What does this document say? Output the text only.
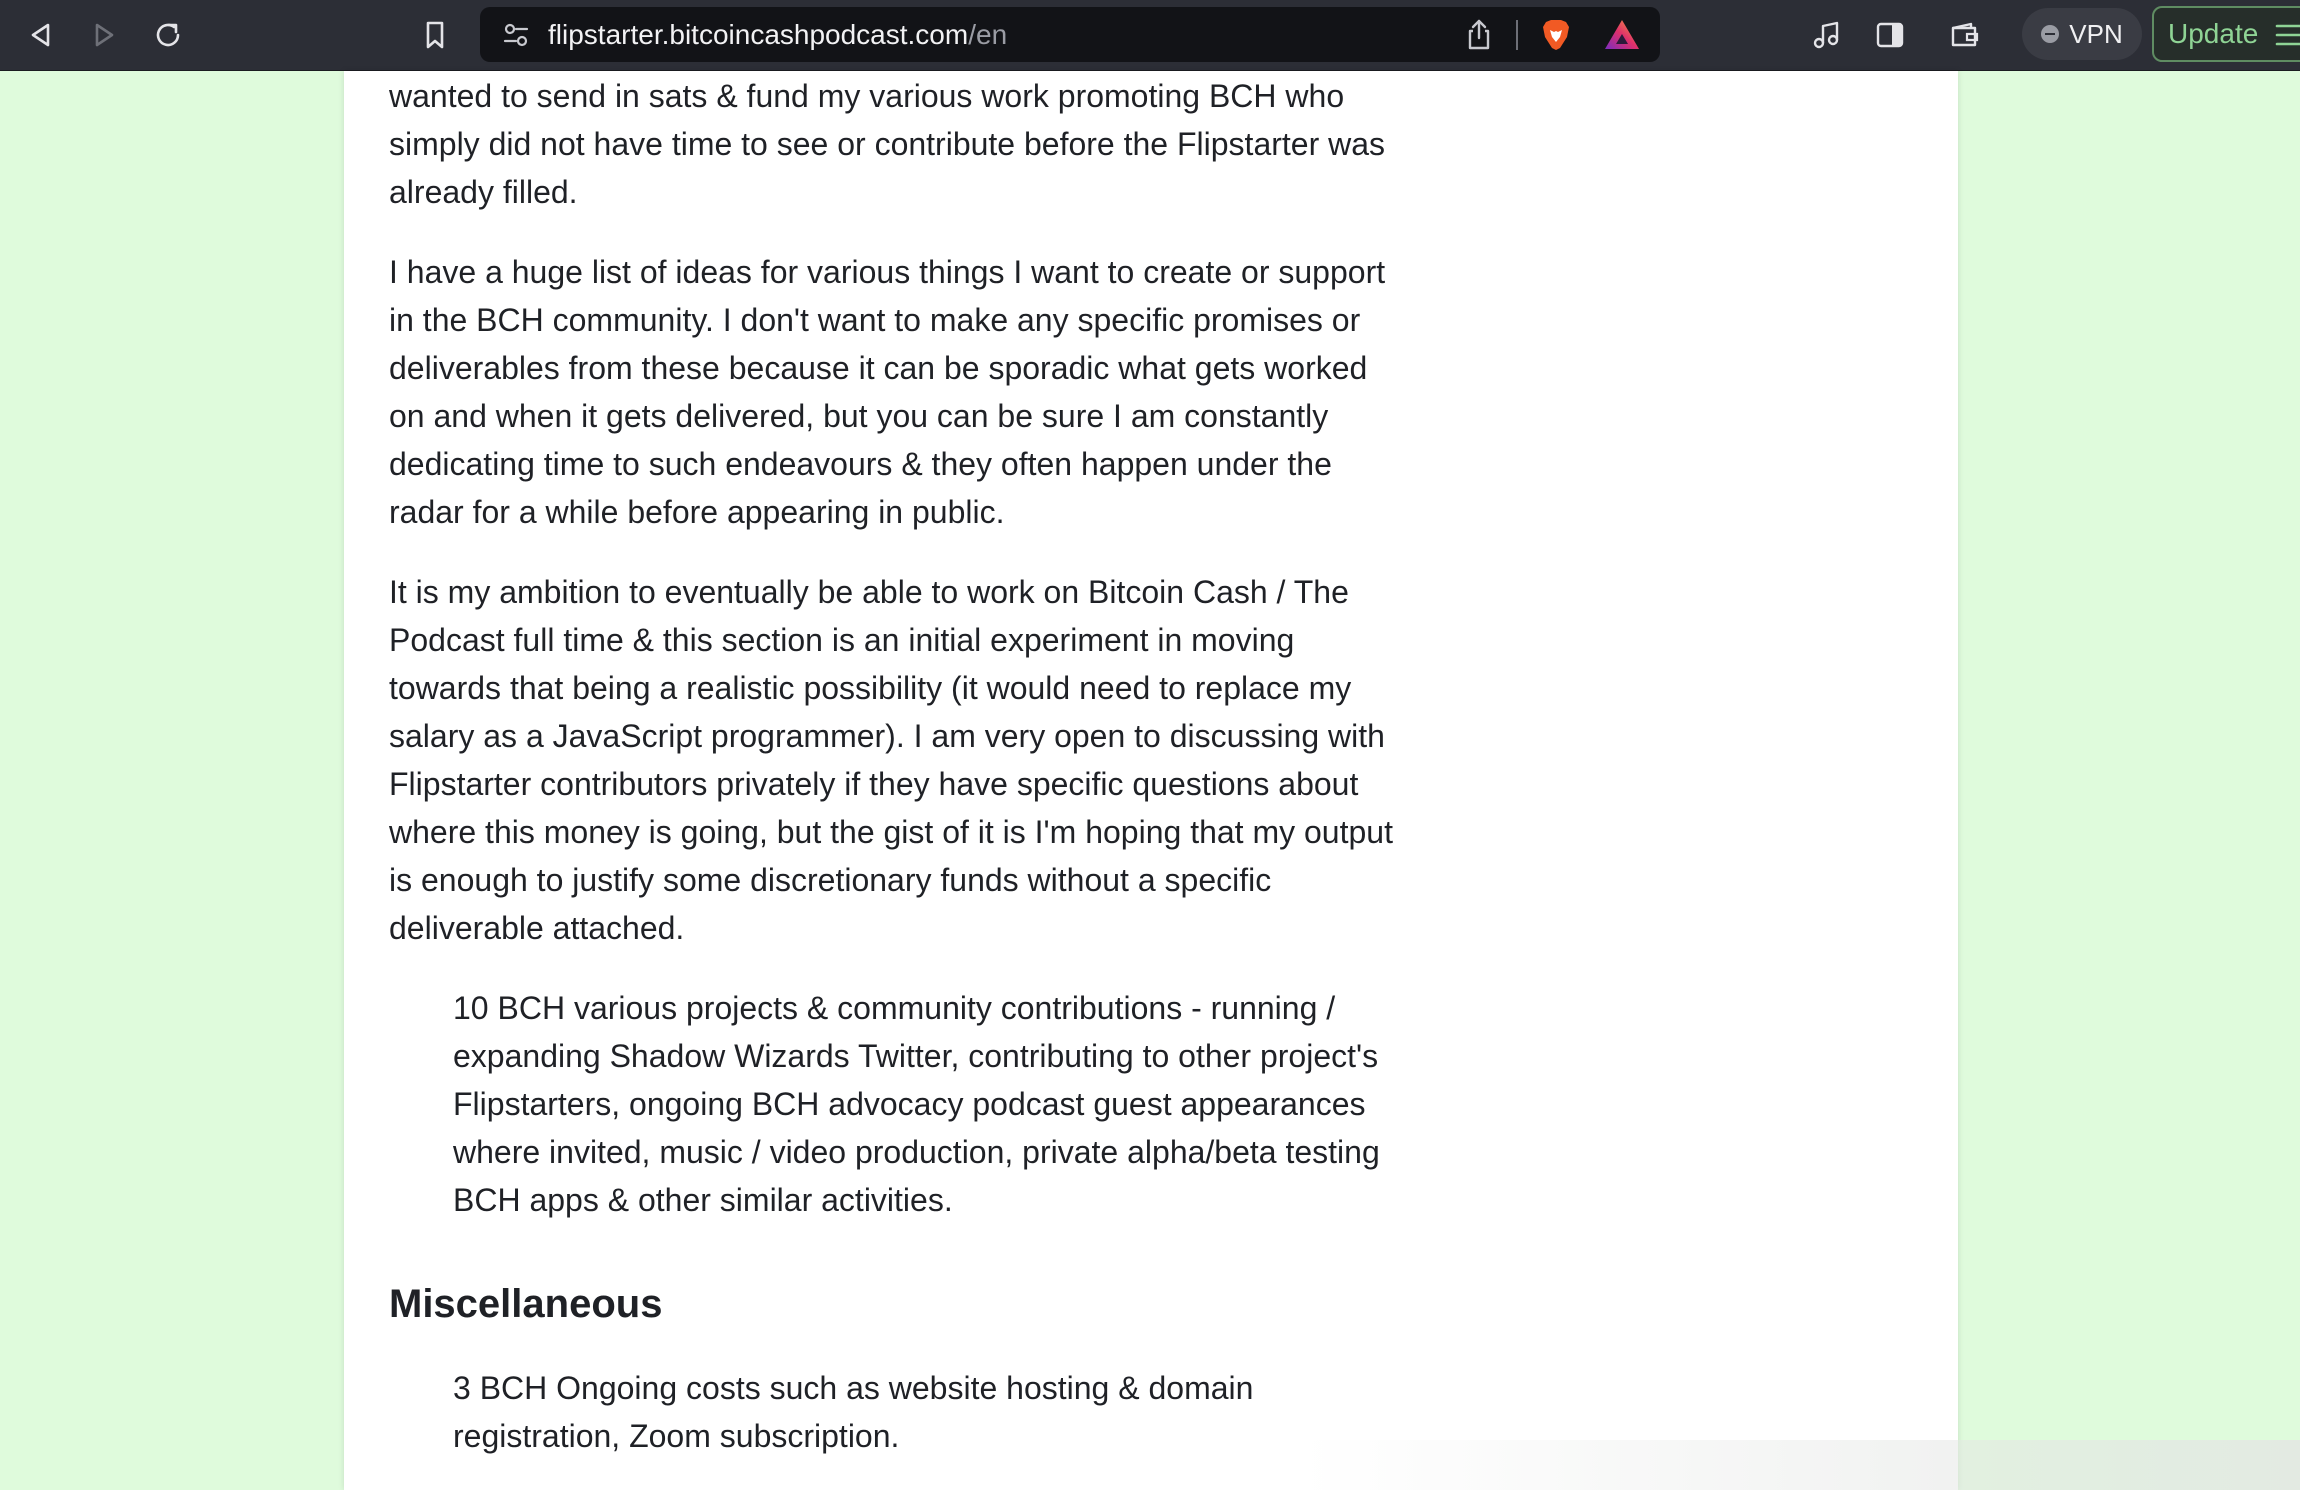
flipstarter.bitcoincashpodcast.com/en	VPN	Update

wanted to send in sats & fund my various work promoting BCH who simply did not have time to see or contribute before the Flipstarter was already filled.

I have a huge list of ideas for various things I want to create or support in the BCH community. I don't want to make any specific promises or deliverables from these because it can be sporadic what gets worked on and when it gets delivered, but you can be sure I am constantly dedicating time to such endeavours & they often happen under the radar for a while before appearing in public.

It is my ambition to eventually be able to work on Bitcoin Cash / The Podcast full time & this section is an initial experiment in moving towards that being a realistic possibility (it would need to replace my salary as a JavaScript programmer). I am very open to discussing with Flipstarter contributors privately if they have specific questions about where this money is going, but the gist of it is I'm hoping that my output is enough to justify some discretionary funds without a specific deliverable attached.

10 BCH various projects & community contributions - running / expanding Shadow Wizards Twitter, contributing to other project's Flipstarters, ongoing BCH advocacy podcast guest appearances where invited, music / video production, private alpha/beta testing BCH apps & other similar activities.
Miscellaneous
3 BCH Ongoing costs such as website hosting & domain registration, Zoom subscription.
